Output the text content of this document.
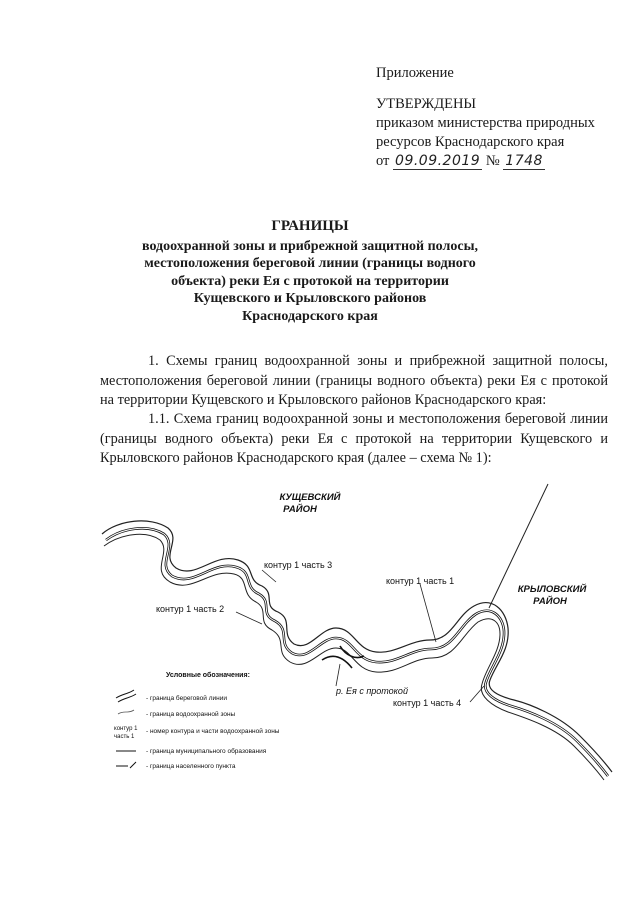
Приложение
УТВЕРЖДЕНЫ
приказом министерства природных
ресурсов Краснодарского края
от 09.09.2019 № 1748
ГРАНИЦЫ
водоохранной зоны и прибрежной защитной полосы,
местоположения береговой линии (границы водного
объекта) реки Ея с протокой на территории
Кущевского и Крыловского районов
Краснодарского края
1. Схемы границ водоохранной зоны и прибрежной защитной полосы, местоположения береговой линии (границы водного объекта) реки Ея с протокой на территории Кущевского и Крыловского районов Краснодарского края:
1.1. Схема границ водоохранной зоны и местоположения береговой линии (границы водного объекта) реки Ея с протокой на территории Кущевского и Крыловского районов Краснодарского края (далее – схема № 1):
КУЩЕВСКИЙ
РАЙОН
КРЫЛОВСКИЙ
РАЙОН
контур 1 часть 3
контур 1 часть 2
контур 1 часть 1
контур 1 часть 4
р. Ея с протокой
Условные обозначения:
- граница береговой линии
- граница водоохранной зоны
контур 1
часть 1
- номер контура и части водоохранной зоны
- граница муниципального образования
- граница населенного пункта
